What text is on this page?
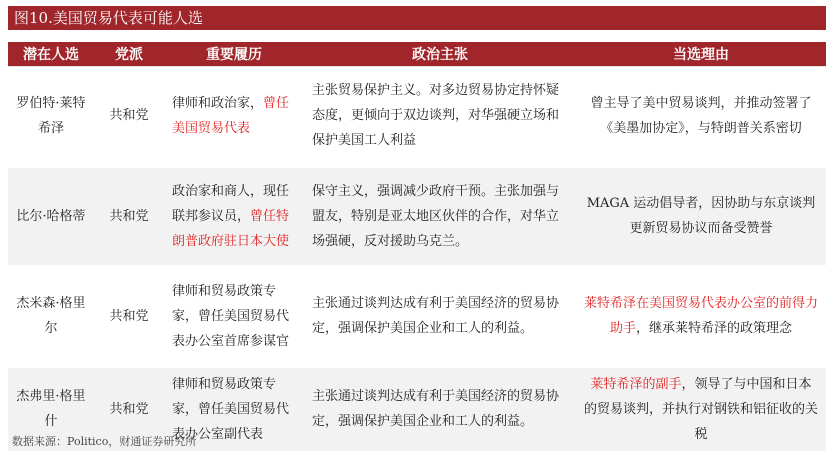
图10.美国贸易代表可能人选
潜在人选	党派	重要履历	政治主张	当选理由
罗伯特·莱特希泽	共和党	律师和政治家，曾任美国贸易代表	主张贸易保护主义。对多边贸易协定持怀疑态度，更倾向于双边谈判，对华强硬立场和保护美国工人利益	曾主导了美中贸易谈判，并推动签署了《美墨加协定》，与特朗普关系密切
比尔·哈格蒂	共和党	政治家和商人，现任联邦参议员，曾任特朗普政府驻日本大使	保守主义，强调减少政府干预。主张加强与盟友，特别是亚太地区伙伴的合作，对华立场强硬，反对援助乌克兰。	MAGA 运动倡导者，因协助与东京谈判更新贸易协议而备受赞誉
杰米森·格里尔	共和党	律师和贸易政策专家，曾任美国贸易代表办公室首席参谋官	主张通过谈判达成有利于美国经济的贸易协定，强调保护美国企业和工人的利益。	莱特希泽在美国贸易代表办公室的前得力助手，继承莱特希泽的政策理念
杰弗里·格里什	共和党	律师和贸易政策专家，曾任美国贸易代表办公室副代表	主张通过谈判达成有利于美国经济的贸易协定，强调保护美国企业和工人的利益。	莱特希泽的副手，领导了与中国和日本的贸易谈判，并执行对钢铁和铝征收的关税
数据来源：Politico，财通证券研究所
